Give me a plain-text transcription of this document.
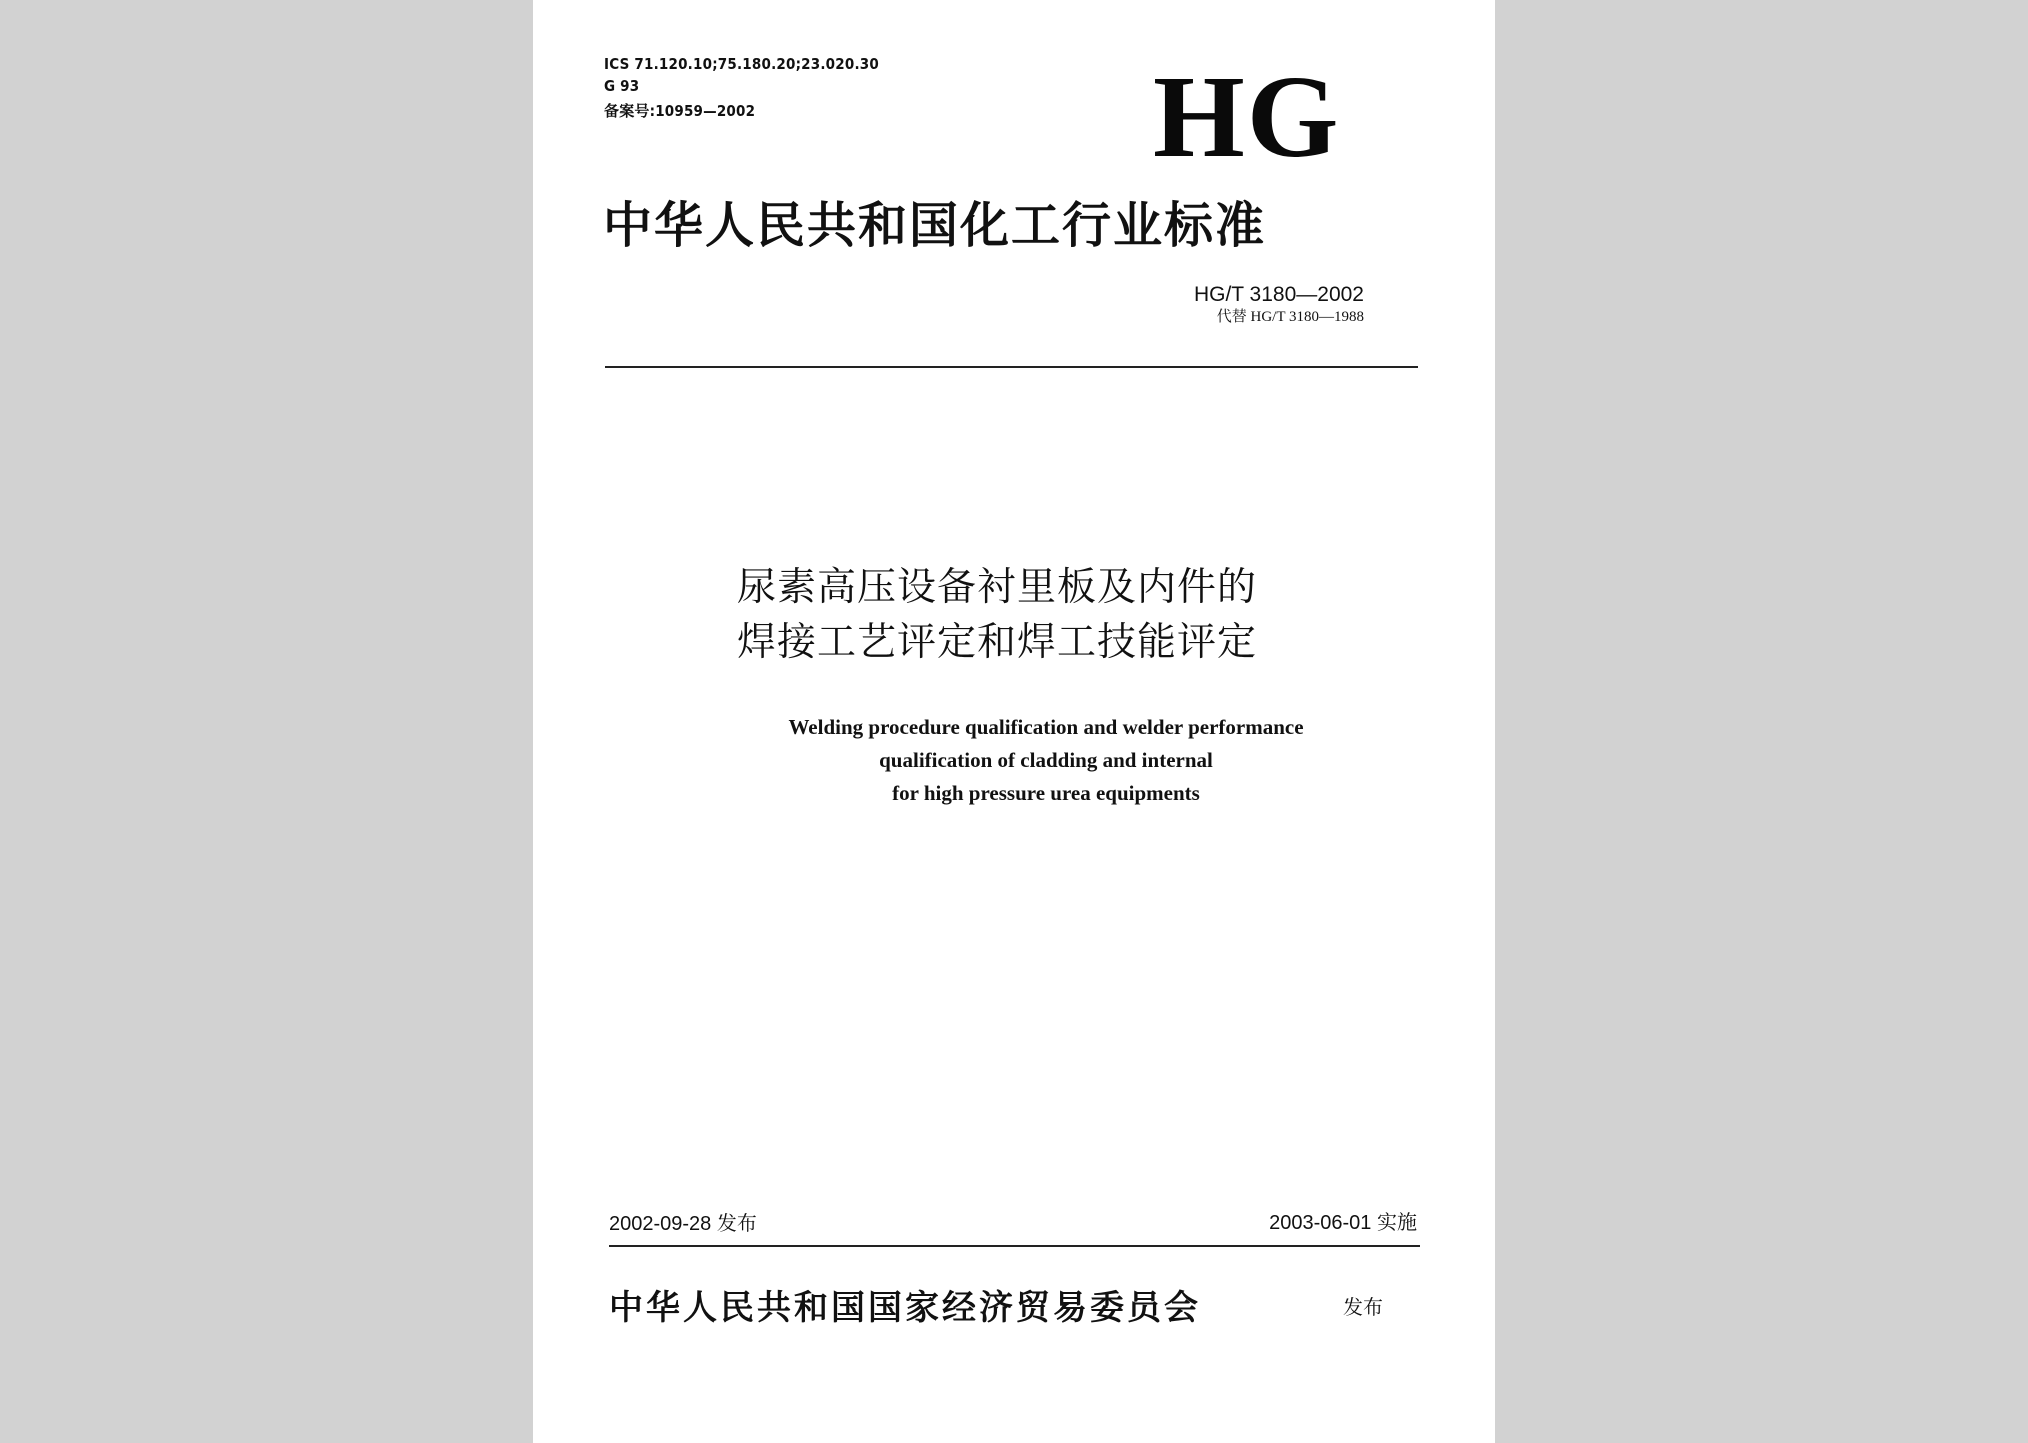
ICS 71.120.10;75.180.20;23.020.30
G 93
备案号:10959—2002	HG
中华人民共和国化工行业标准
HG/T 3180—2002
代替 HG/T 3180—1988
尿素高压设备衬里板及内件的
焊接工艺评定和焊工技能评定
Welding procedure qualification and welder performance
qualification of cladding and internal
for high pressure urea equipments
2002-09-28 发布	2003-06-01 实施
中华人民共和国国家经济贸易委员会	发布
